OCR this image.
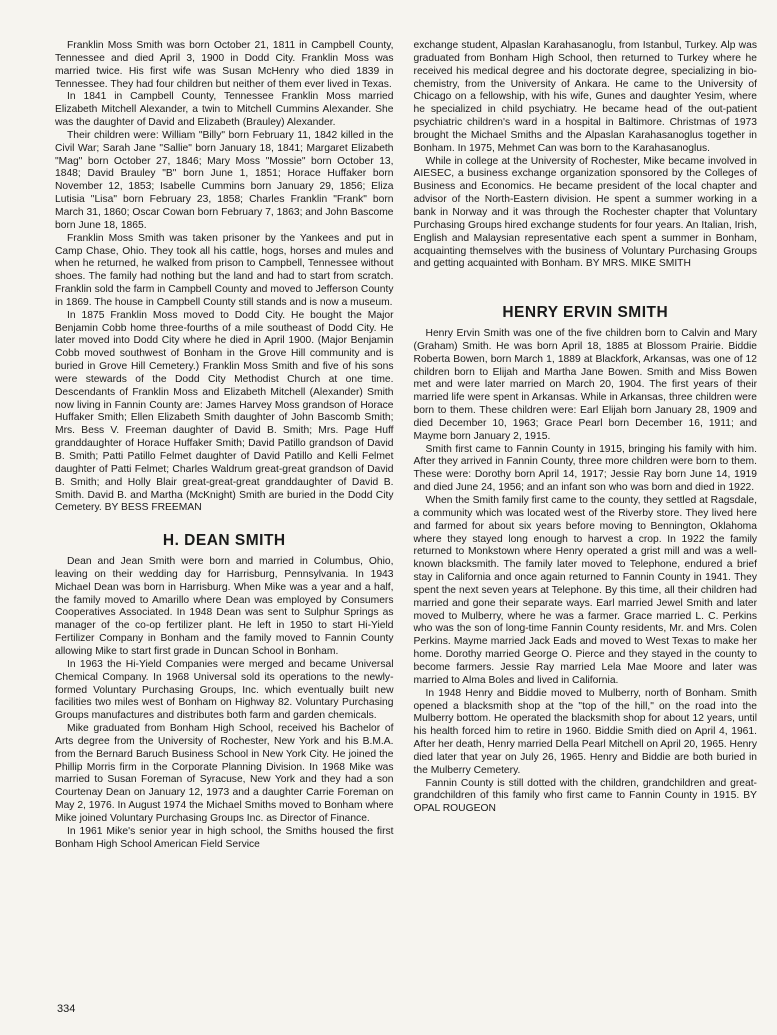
Franklin Moss Smith was born October 21, 1811 in Campbell County, Tennessee and died April 3, 1900 in Dodd City. Franklin Moss was married twice. His first wife was Susan McHenry who died 1839 in Tennessee. They had four children but neither of them ever lived in Texas.

In 1841 in Campbell County, Tennessee Franklin Moss married Elizabeth Mitchell Alexander, a twin to Mitchell Cummins Alexander. She was the daughter of David and Elizabeth (Brauley) Alexander.

Their children were: William "Billy" born February 11, 1842 killed in the Civil War; Sarah Jane "Sallie" born January 18, 1841; Margaret Elizabeth "Mag" born October 27, 1846; Mary Moss "Mossie" born October 13, 1848; David Brauley "B" born June 1, 1851; Horace Huffaker born November 12, 1853; Isabelle Cummins born January 29, 1856; Eliza Lutisia "Lisa" born February 23, 1858; Charles Franklin "Frank" born March 31, 1860; Oscar Cowan born February 7, 1863; and John Bascome born June 18, 1865.

Franklin Moss Smith was taken prisoner by the Yankees and put in Camp Chase, Ohio. They took all his cattle, hogs, horses and mules and when he returned, he walked from prison to Campbell, Tennessee without shoes. The family had nothing but the land and had to start from scratch. Franklin sold the farm in Campbell County and moved to Jefferson County in 1869. The house in Campbell County still stands and is now a museum.

In 1875 Franklin Moss moved to Dodd City. He bought the Major Benjamin Cobb home three-fourths of a mile southeast of Dodd City. He later moved into Dodd City where he died in April 1900. (Major Benjamin Cobb moved southwest of Bonham in the Grove Hill community and is buried in Grove Hill Cemetery.) Franklin Moss Smith and five of his sons were stewards of the Dodd City Methodist Church at one time. Descendants of Franklin Moss and Elizabeth Mitchell (Alexander) Smith now living in Fannin County are: James Harvey Moss grandson of Horace Huffaker Smith; Ellen Elizabeth Smith daughter of John Bascomb Smith; Mrs. Bess V. Freeman daughter of David B. Smith; Mrs. Page Huff granddaughter of Horace Huffaker Smith; David Patillo grandson of David B. Smith; Patti Patillo Felmet daughter of David Patillo and Kelli Felmet daughter of Patti Felmet; Charles Waldrum great-great grandson of David B. Smith; and Holly Blair great-great-great granddaughter of David B. Smith. David B. and Martha (McKnight) Smith are buried in the Dodd City Cemetery. BY BESS FREEMAN

H. DEAN SMITH

Dean and Jean Smith were born and married in Columbus, Ohio, leaving on their wedding day for Harrisburg, Pennsylvania. In 1943 Michael Dean was born in Harrisburg. When Mike was a year and a half, the family moved to Amarillo where Dean was employed by Consumers Cooperatives Associated. In 1948 Dean was sent to Sulphur Springs as manager of the co-op fertilizer plant. He left in 1950 to start Hi-Yield Fertilizer Company in Bonham and the family moved to Fannin County allowing Mike to start first grade in Duncan School in Bonham.

In 1963 the Hi-Yield Companies were merged and became Universal Chemical Company. In 1968 Universal sold its operations to the newly-formed Voluntary Purchasing Groups, Inc. which eventually built new facilities two miles west of Bonham on Highway 82. Voluntary Purchasing Groups manufactures and distributes both farm and garden chemicals.

Mike graduated from Bonham High School, received his Bachelor of Arts degree from the University of Rochester, New York and his B.M.A. from the Bernard Baruch Business School in New York City. He joined the Phillip Morris firm in the Corporate Planning Division. In 1968 Mike was married to Susan Foreman of Syracuse, New York and they had a son Courtenay Dean on January 12, 1973 and a daughter Carrie Foreman on May 2, 1976. In August 1974 the Michael Smiths moved to Bonham where Mike joined Voluntary Purchasing Groups Inc. as Director of Finance.

In 1961 Mike's senior year in high school, the Smiths housed the first Bonham High School American Field Service

exchange student, Alpaslan Karahasanoglu, from Istanbul, Turkey. Alp was graduated from Bonham High School, then returned to Turkey where he received his medical degree and his doctorate degree, specializing in bio-chemistry, from the University of Ankara. He came to the University of Chicago on a fellowship, with his wife, Gunes and daughter Yesim, where he specialized in child psychiatry. He became head of the out-patient psychiatric children's ward in a hospital in Baltimore. Christmas of 1973 brought the Michael Smiths and the Alpaslan Karahasanoglus together in Bonham. In 1975, Mehmet Can was born to the Karahasanoglus.

While in college at the University of Rochester, Mike became involved in AIESEC, a business exchange organization sponsored by the Colleges of Business and Economics. He became president of the local chapter and advisor of the North-Eastern division. He spent a summer working in a bank in Norway and it was through the Rochester chapter that Voluntary Purchasing Groups hired exchange students for four years. An Italian, Irish, English and Malaysian representative each spent a summer in Bonham, acquainting themselves with the business of Voluntary Purchasing Groups and getting acquainted with Bonham. BY MRS. MIKE SMITH

HENRY ERVIN SMITH

Henry Ervin Smith was one of the five children born to Calvin and Mary (Graham) Smith. He was born April 18, 1885 at Blossom Prairie. Biddie Roberta Bowen, born March 1, 1889 at Blackfork, Arkansas, was one of 12 children born to Elijah and Martha Jane Bowen. Smith and Miss Bowen met and were later married on March 20, 1904. The first years of their married life were spent in Arkansas. While in Arkansas, three children were born to them. These children were: Earl Elijah born January 28, 1909 and died December 10, 1963; Grace Pearl born December 16, 1911; and Mayme born January 2, 1915.

Smith first came to Fannin County in 1915, bringing his family with him. After they arrived in Fannin County, three more children were born to them. These were: Dorothy born April 14, 1917; Jessie Ray born June 14, 1919 and died June 24, 1956; and an infant son who was born and died in 1922.

When the Smith family first came to the county, they settled at Ragsdale, a community which was located west of the Riverby store. They lived here and farmed for about six years before moving to Bennington, Oklahoma where they stayed long enough to harvest a crop. In 1922 the family returned to Monkstown where Henry operated a grist mill and was a well-known blacksmith. The family later moved to Telephone, endured a brief stay in California and once again returned to Fannin County in 1941. They spent the next seven years at Telephone. By this time, all their children had married and gone their separate ways. Earl married Jewel Smith and later moved to Mulberry, where he was a farmer. Grace married L. C. Perkins who was the son of long-time Fannin County residents, Mr. and Mrs. Colen Perkins. Mayme married Jack Eads and moved to West Texas to make her home. Dorothy married George O. Pierce and they stayed in the county to become farmers. Jessie Ray married Lela Mae Moore and later was married to Alma Boles and lived in California.

In 1948 Henry and Biddie moved to Mulberry, north of Bonham. Smith opened a blacksmith shop at the "top of the hill," on the road into the Mulberry bottom. He operated the blacksmith shop for about 12 years, until his health forced him to retire in 1960. Biddie Smith died on April 4, 1961. After her death, Henry married Della Pearl Mitchell on April 20, 1965. Henry died later that year on July 26, 1965. Henry and Biddie are both buried in the Mulberry Cemetery.

Fannin County is still dotted with the children, grandchildren and great-grandchildren of this family who first came to Fannin County in 1915. BY OPAL ROUGEON

334
